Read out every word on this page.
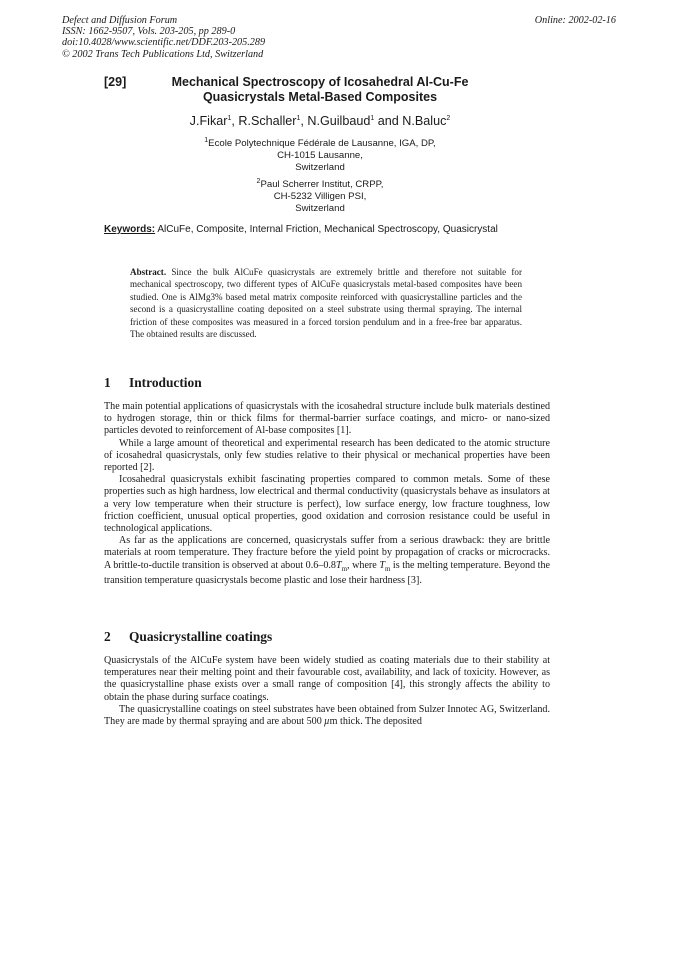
Defect and Diffusion Forum
ISSN: 1662-9507, Vols. 203-205, pp 289-0
doi:10.4028/www.scientific.net/DDF.203-205.289
© 2002 Trans Tech Publications Ltd, Switzerland
Online: 2002-02-16
[29]	Mechanical Spectroscopy of Icosahedral Al-Cu-Fe
Quasicrystals Metal-Based Composites
J.Fikar$^1$, R.Schaller$^1$, N.Guilbaud$^1$ and N.Baluc$^2$
$^1$Ecole Polytechnique Fédérale de Lausanne, IGA, DP,
CH-1015 Lausanne,
Switzerland
$^2$Paul Scherrer Institut, CRPP,
CH-5232 Villigen PSI,
Switzerland
Keywords: AlCuFe, Composite, Internal Friction, Mechanical Spectroscopy, Quasicrystal
Abstract. Since the bulk AlCuFe quasicrystals are extremely brittle and therefore not suitable for mechanical spectroscopy, two different types of AlCuFe quasicrystals metal-based composites have been studied. One is AlMg3% based metal matrix composite reinforced with quasicrystalline particles and the second is a quasicrystalline coating deposited on a steel substrate using thermal spraying. The internal friction of these composites was measured in a forced torsion pendulum and in a free-free bar apparatus. The obtained results are discussed.
1 Introduction

The main potential applications of quasicrystals with the icosahedral structure include bulk materials destined to hydrogen storage, thin or thick films for thermal-barrier surface coatings, and micro- or nano-sized particles devoted to reinforcement of Al-base composites [1].

While a large amount of theoretical and experimental research has been dedicated to the atomic structure of icosahedral quasicrystals, only few studies relative to their physical or mechanical properties have been reported [2].

Icosahedral quasicrystals exhibit fascinating properties compared to common metals. Some of these properties such as high hardness, low electrical and thermal conductivity (quasicrystals behave as insulators at a very low temperature when their structure is perfect), low surface energy, low fracture toughness, low friction coefficient, unusual optical properties, good oxidation and corrosion resistance could be useful in technological applications.

As far as the applications are concerned, quasicrystals suffer from a serious drawback: they are brittle materials at room temperature. They fracture before the yield point by propagation of cracks or microcracks. A brittle-to-ductile transition is observed at about $0.6-0.8T_m$, where $T_m$ is the melting temperature. Beyond the transition temperature quasicrystals become plastic and lose their hardness [3].

2 Quasicrystalline coatings

Quasicrystals of the AlCuFe system have been widely studied as coating materials due to their stability at temperatures near their melting point and their favourable cost, availability, and lack of toxicity. However, as the quasicrystalline phase exists over a small range of composition [4], this strongly affects the ability to obtain the phase during surface coatings.

The quasicrystalline coatings on steel substrates have been obtained from Sulzer Innotec AG, Switzerland. They are made by thermal spraying and are about 500  µm thick. The deposited
